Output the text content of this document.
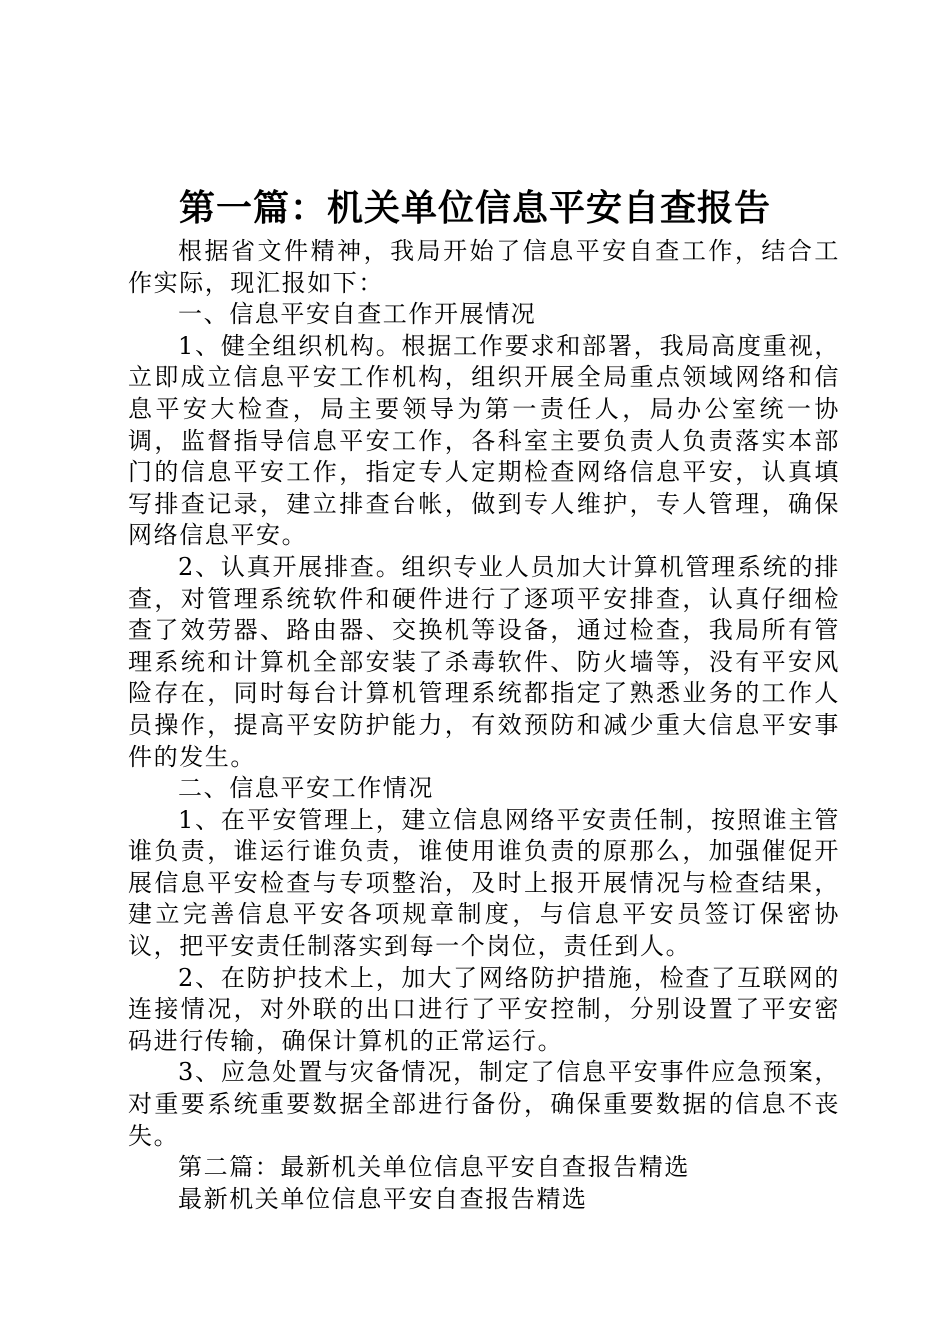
第一篇：机关单位信息平安自查报告

根据省文件精神，我局开始了信息平安自查工作，结合工作实际，现汇报如下：

一、信息平安自查工作开展情况

1、健全组织机构。根据工作要求和部署，我局高度重视，立即成立信息平安工作机构，组织开展全局重点领域网络和信息平安大检查，局主要领导为第一责任人，局办公室统一协调，监督指导信息平安工作，各科室主要负责人负责落实本部门的信息平安工作，指定专人定期检查网络信息平安，认真填写排查记录，建立排查台帐，做到专人维护，专人管理，确保网络信息平安。

2、认真开展排查。组织专业人员加大计算机管理系统的排查，对管理系统软件和硬件进行了逐项平安排查，认真仔细检查了效劳器、路由器、交换机等设备，通过检查，我局所有管理系统和计算机全部安装了杀毒软件、防火墙等，没有平安风险存在，同时每台计算机管理系统都指定了熟悉业务的工作人员操作，提高平安防护能力，有效预防和减少重大信息平安事件的发生。

二、信息平安工作情况

1、在平安管理上，建立信息网络平安责任制，按照谁主管谁负责，谁运行谁负责，谁使用谁负责的原那么，加强催促开展信息平安检查与专项整治，及时上报开展情况与检查结果，建立完善信息平安各项规章制度，与信息平安员签订保密协议，把平安责任制落实到每一个岗位，责任到人。

2、在防护技术上，加大了网络防护措施，检查了互联网的连接情况，对外联的出口进行了平安控制，分别设置了平安密码进行传输，确保计算机的正常运行。

3、应急处置与灾备情况，制定了信息平安事件应急预案，对重要系统重要数据全部进行备份，确保重要数据的信息不丧失。

第二篇：最新机关单位信息平安自查报告精选

最新机关单位信息平安自查报告精选
